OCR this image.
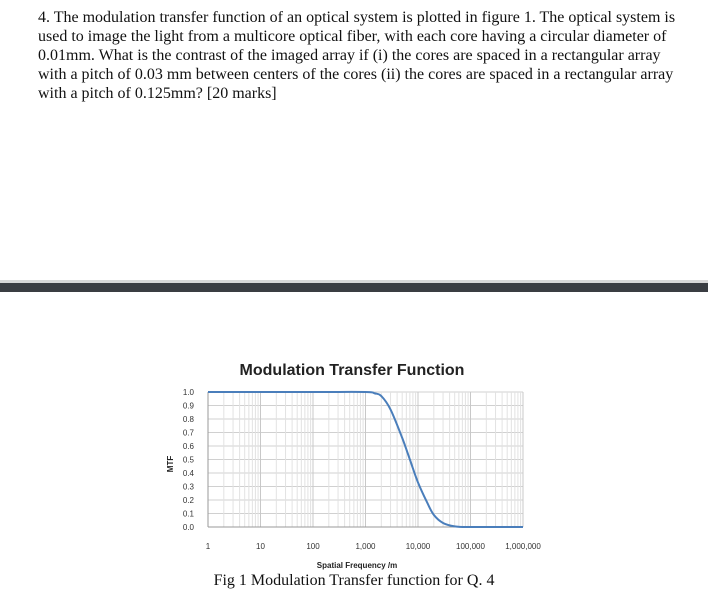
4. The modulation transfer function of an optical system is plotted in figure 1. The optical system is used to image the light from a multicore optical fiber, with each core having a circular diameter of 0.01mm. What is the contrast of the imaged array if (i) the cores are spaced in a rectangular array with a pitch of 0.03 mm between centers of the cores (ii) the cores are spaced in a rectangular array with a pitch of 0.125mm? [20 marks]

Modulation Transfer Function
0.0
0.1
0.2
0.3
0.4
0.5
0.6
0.7
0.8
0.9
1.0
1	10	100	1,000	10,000	100,000	1,000,000
Spatial Frequency /m
MTF
Fig 1 Modulation Transfer function for Q. 4
